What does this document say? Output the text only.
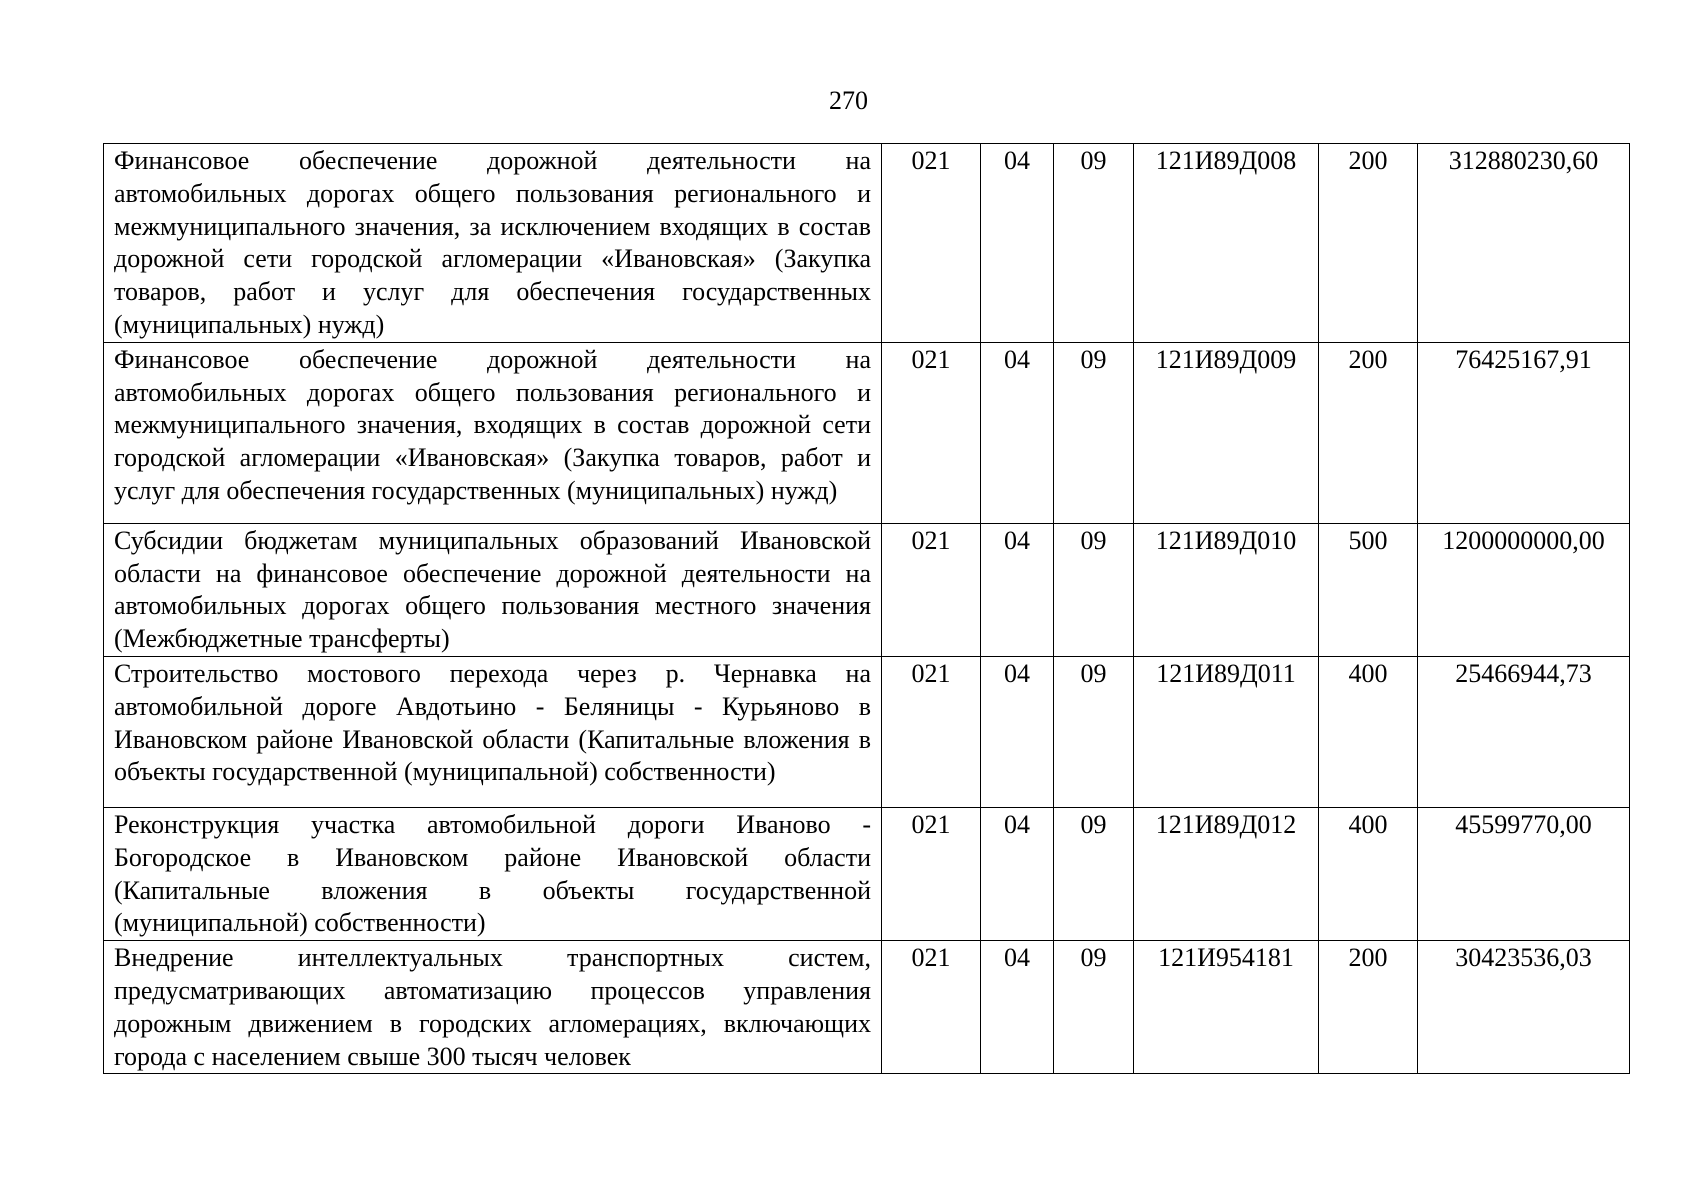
270
Финансовое обеспечение дорожной деятельности на автомобильных дорогах общего пользования регионального и межмуниципального значения, за исключением входящих в состав дорожной сети городской агломерации «Ивановская» (Закупка товаров, работ и услуг для обеспечения государственных (муниципальных) нужд)	021	04	09	121И89Д008	200	312880230,60
Финансовое обеспечение дорожной деятельности на автомобильных дорогах общего пользования регионального и межмуниципального значения, входящих в состав дорожной сети городской агломерации «Ивановская» (Закупка товаров, работ и услуг для обеспечения государственных (муниципальных) нужд)	021	04	09	121И89Д009	200	76425167,91
Субсидии бюджетам муниципальных образований Ивановской области на финансовое обеспечение дорожной деятельности на автомобильных дорогах общего пользования местного значения (Межбюджетные трансферты)	021	04	09	121И89Д010	500	1200000000,00
Строительство мостового перехода через р. Чернавка на автомобильной дороге Авдотьино - Беляницы - Курьяново в Ивановском районе Ивановской области (Капитальные вложения в объекты государственной (муниципальной) собственности)	021	04	09	121И89Д011	400	25466944,73
Реконструкция участка автомобильной дороги Иваново - Богородское в Ивановском районе Ивановской области (Капитальные вложения в объекты государственной (муниципальной) собственности)	021	04	09	121И89Д012	400	45599770,00
Внедрение интеллектуальных транспортных систем, предусматривающих автоматизацию процессов управления дорожным движением в городских агломерациях, включающих города с населением свыше 300 тысяч человек	021	04	09	121И954181	200	30423536,03
